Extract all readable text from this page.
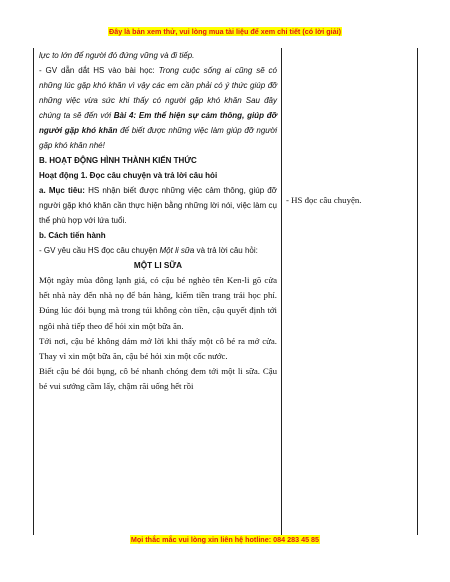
Đây là bản xem thử, vui lòng mua tài liệu để xem chi tiết (có lời giải)

lực to lớn để người đó đứng vững và đi tiếp.

- GV dẫn dắt HS vào bài học: Trong cuộc sống ai cũng sẽ có những lúc gặp khó khăn vì vậy các em cần phải có ý thức giúp đỡ những việc vừa sức khi thấy có người gặp khó khăn Sau đây chúng ta sẽ đến với Bài 4: Em thể hiện sự cảm thông, giúp đỡ người gặp khó khăn để biết được những việc làm giúp đỡ người gặp khó khăn nhé!

B. HOẠT ĐỘNG HÌNH THÀNH KIẾN THỨC

Hoạt động 1. Đọc câu chuyện và trả lời câu hỏi

a. Mục tiêu: HS nhận biết được những việc cảm thông, giúp đỡ người gặp khó khăn cần thực hiện bằng những lời nói, việc làm cụ thể phù hợp với lứa tuổi.

b. Cách tiến hành

- GV yêu cầu HS đọc câu chuyện Một li sữa và trả lời câu hỏi:

MỘT LI SỮA

Một ngày mùa đông lạnh giá, có cậu bé nghèo tên Ken-li gõ cửa hết nhà này đến nhà nọ để bán hàng, kiếm tiền trang trải học phí. Đúng lúc đói bụng mà trong túi không còn tiền, cậu quyết định tới ngôi nhà tiếp theo để hỏi xin một bữa ăn.

Tới nơi, cậu bé không dám mở lời khi thấy một cô bé ra mở cửa. Thay vì xin một bữa ăn, cậu bé hỏi xin một cốc nước.

Biết cậu bé đói bụng, cô bé nhanh chóng đem tới một li sữa. Cậu bé vui sướng cầm lấy, chậm rãi uống hết rồi

- HS đọc câu chuyện.

Mọi thắc mắc vui lòng xin liên hệ hotline: 084 283 45 85
